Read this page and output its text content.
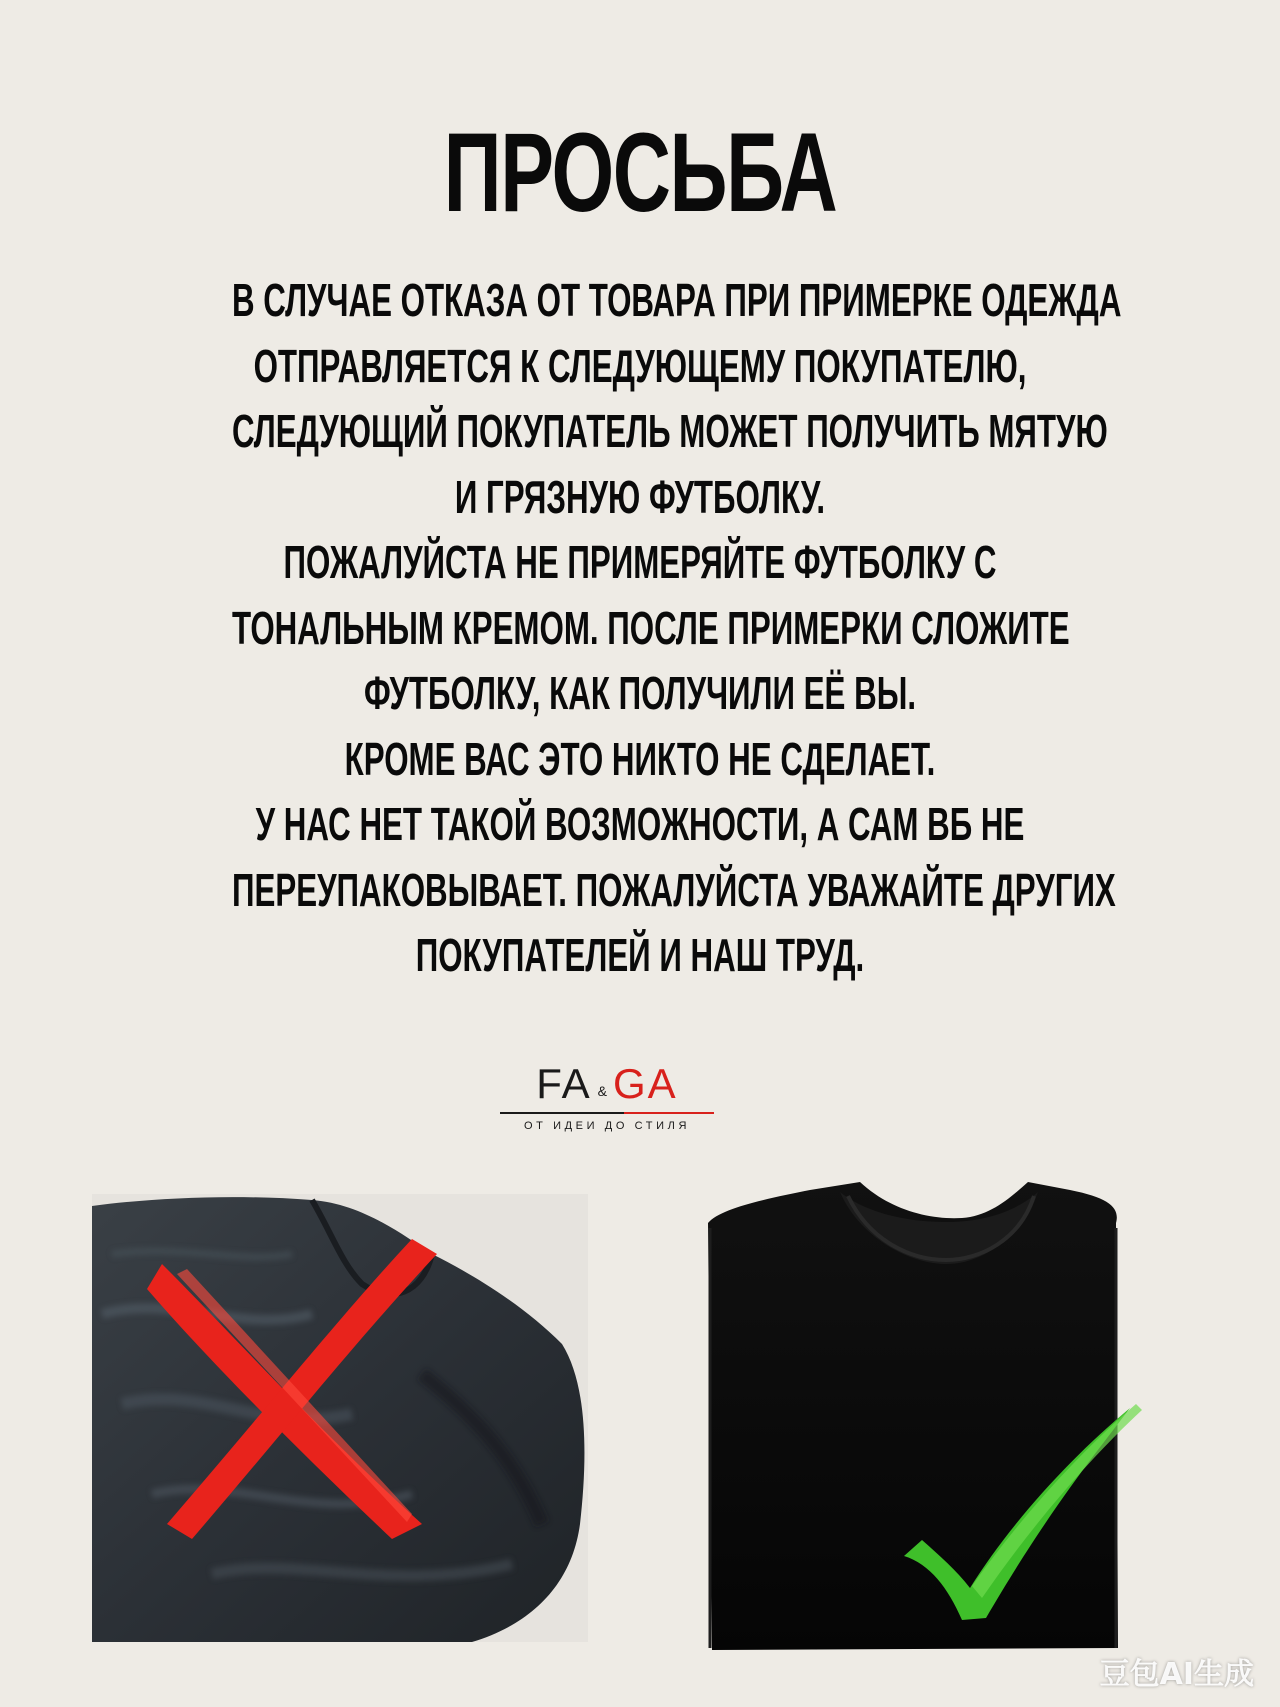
ПРОСЬБА
В СЛУЧАЕ ОТКАЗА ОТ ТОВАРА ПРИ ПРИМЕРКЕ ОДЕЖДА
ОТПРАВЛЯЕТСЯ К СЛЕДУЮЩЕМУ ПОКУПАТЕЛЮ,
СЛЕДУЮЩИЙ ПОКУПАТЕЛЬ МОЖЕТ ПОЛУЧИТЬ МЯТУЮ
И ГРЯЗНУЮ ФУТБОЛКУ.
ПОЖАЛУЙСТА НЕ ПРИМЕРЯЙТЕ ФУТБОЛКУ С
ТОНАЛЬНЫМ КРЕМОМ. ПОСЛЕ ПРИМЕРКИ СЛОЖИТЕ
ФУТБОЛКУ, КАК ПОЛУЧИЛИ ЕЁ ВЫ.
КРОМЕ ВАС ЭТО НИКТО НЕ СДЕЛАЕТ.
У НАС НЕТ ТАКОЙ ВОЗМОЖНОСТИ, А САМ ВБ НЕ
ПЕРЕУПАКОВЫВАЕТ. ПОЖАЛУЙСТА УВАЖАЙТЕ ДРУГИХ
ПОКУПАТЕЛЕЙ И НАШ ТРУД.
FA & GA
ОТ ИДЕИ ДО СТИЛЯ
豆包AI生成
